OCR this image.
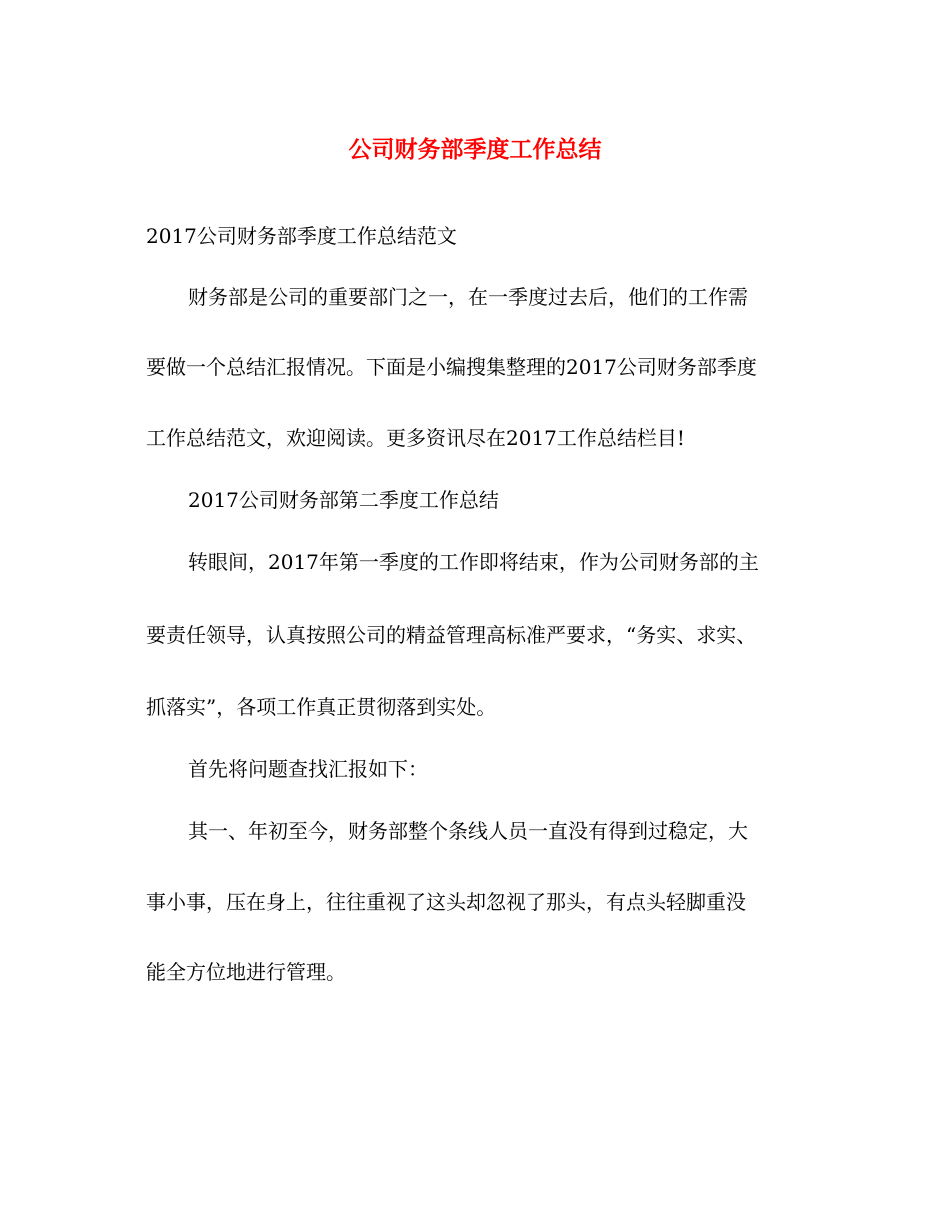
公司财务部季度工作总结

2017公司财务部季度工作总结范文

财务部是公司的重要部门之一，在一季度过去后，他们的工作需

要做一个总结汇报情况。下面是小编搜集整理的2017公司财务部季度

工作总结范文，欢迎阅读。更多资讯尽在2017工作总结栏目!

2017公司财务部第二季度工作总结

转眼间，2017年第一季度的工作即将结束，作为公司财务部的主

要责任领导，认真按照公司的精益管理高标准严要求，“务实、求实、

抓落实”，各项工作真正贯彻落到实处。

首先将问题查找汇报如下：

其一、年初至今，财务部整个条线人员一直没有得到过稳定，大

事小事，压在身上，往往重视了这头却忽视了那头，有点头轻脚重没

能全方位地进行管理。
